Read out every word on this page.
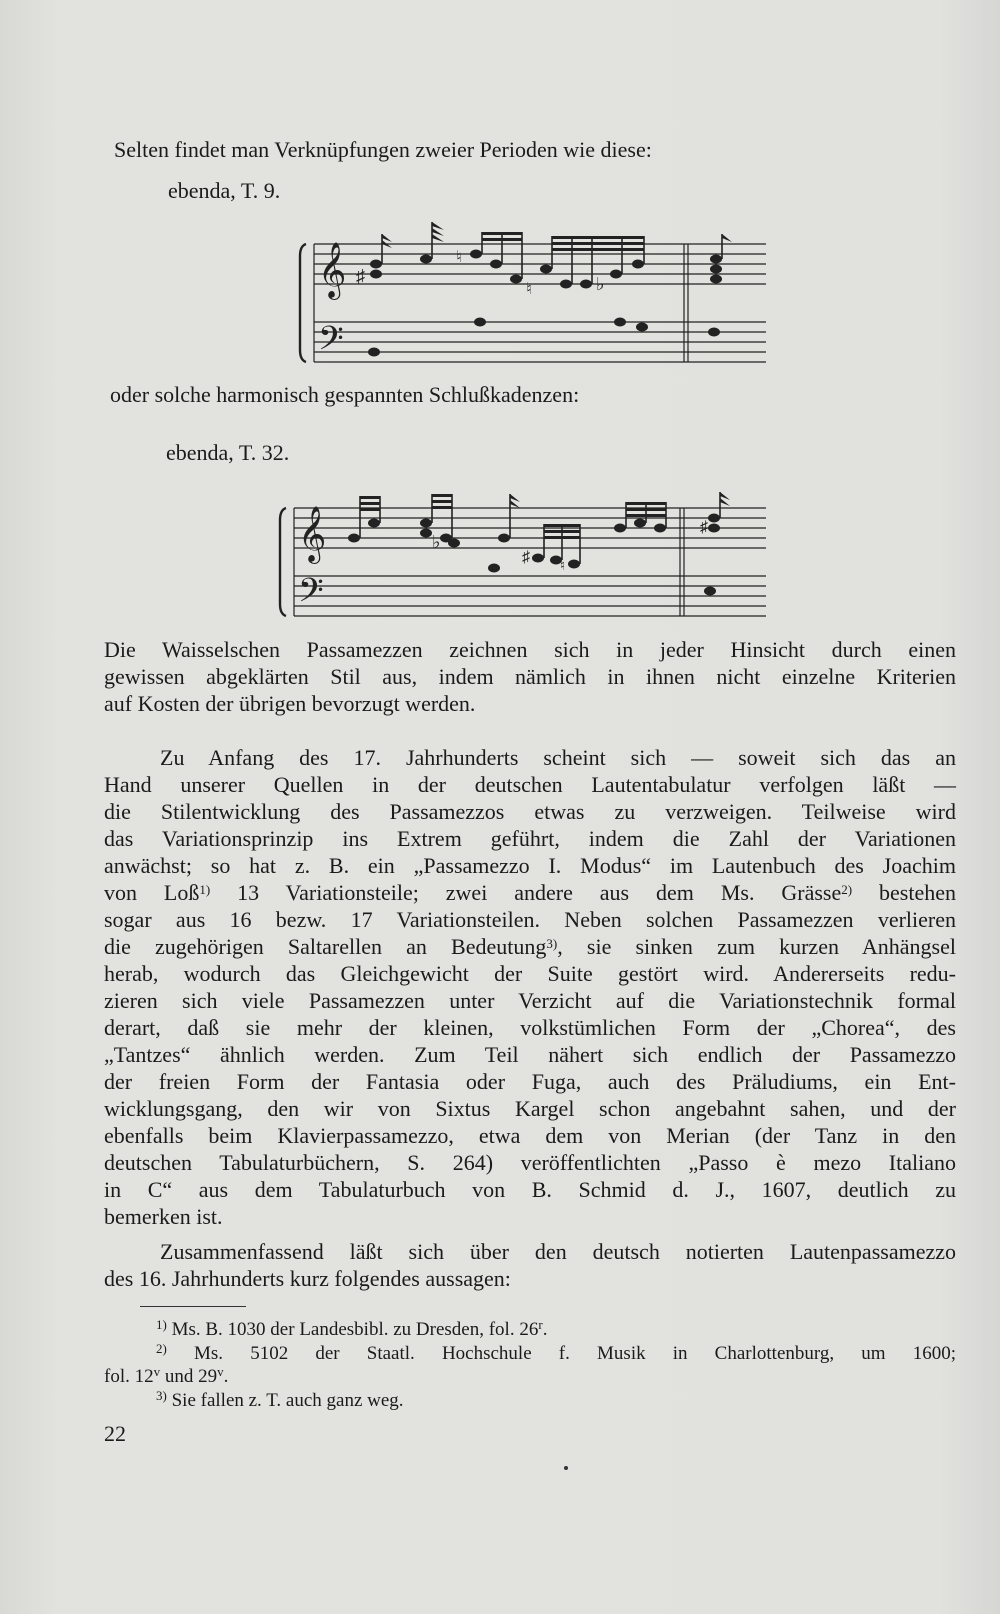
Selten findet man Verknüpfungen zweier Perioden wie diese:

ebenda, T. 9.
𝄞
𝄢
♯
♮
♮	♭

oder solche harmonisch gespannten Schlußkadenzen:

ebenda, T. 32.
𝄞
𝄢
♭
♯
♮
♯
Die Waisselschen Passamezzen zeichnen sich in jeder Hinsicht durch einen
gewissen abgeklärten Stil aus, indem nämlich in ihnen nicht einzelne Kriterien
auf Kosten der übrigen bevorzugt werden.
Zu Anfang des 17. Jahrhunderts scheint sich — soweit sich das an
Hand unserer Quellen in der deutschen Lautentabulatur verfolgen läßt —
die Stilentwicklung des Passamezzos etwas zu verzweigen. Teilweise wird
das Variationsprinzip ins Extrem geführt, indem die Zahl der Variationen
anwächst; so hat z. B. ein „Passamezzo I. Modus“ im Lautenbuch des Joachim
von Loß$^{1)}$ 13 Variationsteile; zwei andere aus dem Ms. Grässe$^{2)}$ bestehen
sogar aus 16 bezw. 17 Variationsteilen. Neben solchen Passamezzen verlieren
die zugehörigen Saltarellen an Bedeutung$^{3)}$, sie sinken zum kurzen Anhängsel
herab, wodurch das Gleichgewicht der Suite gestört wird. Andererseits redu-
zieren sich viele Passamezzen unter Verzicht auf die Variationstechnik formal
derart, daß sie mehr der kleinen, volkstümlichen Form der „Chorea“, des
„Tantzes“ ähnlich werden. Zum Teil nähert sich endlich der Passamezzo
der freien Form der Fantasia oder Fuga, auch des Präludiums, ein Ent-
wicklungsgang, den wir von Sixtus Kargel schon angebahnt sahen, und der
ebenfalls beim Klavierpassamezzo, etwa dem von Merian (der Tanz in den
deutschen Tabulaturbüchern, S. 264) veröffentlichten „Passo è mezo Italiano
in C“ aus dem Tabulaturbuch von B. Schmid d. J., 1607, deutlich zu
bemerken ist.
Zusammenfassend läßt sich über den deutsch notierten Lautenpassamezzo
des 16. Jahrhunderts kurz folgendes aussagen:
$^{1)}$ Ms. B. 1030 der Landesbibl. zu Dresden, fol. 26$^r$.
$^{2)}$ Ms. 5102 der Staatl. Hochschule f. Musik in Charlottenburg, um 1600;
fol. 12$^v$ und 29$^v$.
$^{3)}$ Sie fallen z. T. auch ganz weg.
22
